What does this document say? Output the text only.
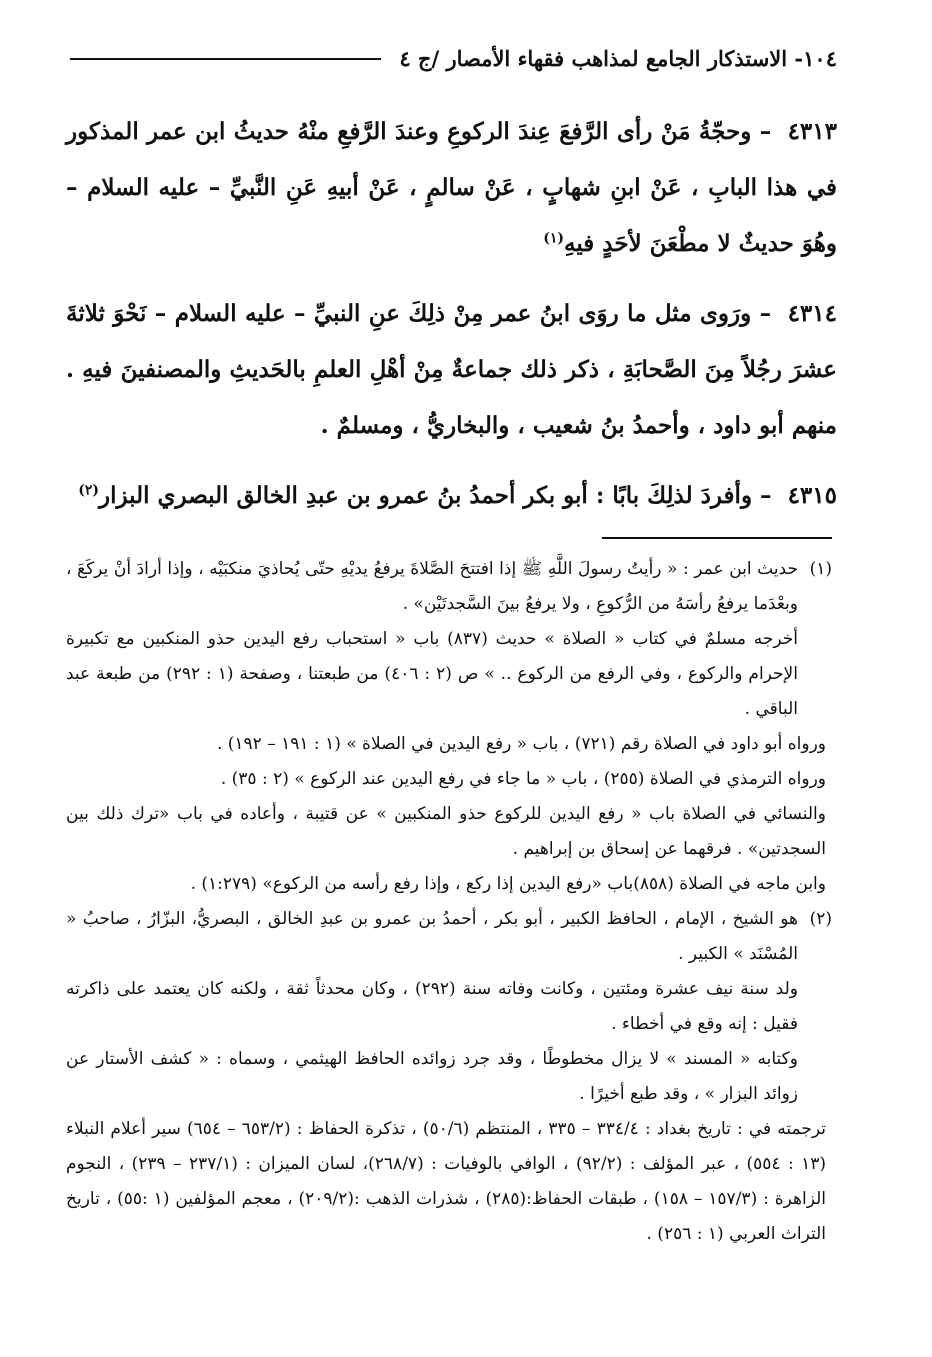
١٠٤- الاستذكار الجامع لمذاهب فقهاء الأمصار /ج ٤

٤٣١٣ – وحجّةُ مَنْ رأى الرَّفعَ عِندَ الركوعِ وعندَ الرَّفعِ منْهُ حديثُ ابن عمر المذكور في هذا البابِ ، عَنْ ابنِ شهابٍ ، عَنْ سالمٍ ، عَنْ أبيهِ عَنِ النَّبيِّ – عليه السلام – وهُوَ حديثٌ لا مطْعَنَ لأحَدٍ فيهِ$^{(١)}$

٤٣١٤ – ورَوى مثل ما روَى ابنُ عمر مِنْ ذلِكَ عنِ النبيِّ – عليه السلام – نَحْوَ ثلاثةَ عشرَ رجُلاً مِنَ الصَّحابَةِ ، ذكر ذلك جماعةٌ مِنْ أهْلِ العلمِ بالحَديثِ والمصنفينَ فيهِ . منهم أبو داود ، وأحمدُ بنُ شعيب ، والبخاريُّ ، ومسلمٌ .

٤٣١٥ – وأفردَ لذلِكَ بابًا : أبو بكر أحمدُ بنُ عمرو بن عبدِ الخالق البصري البزار$^{(٢)}$

(١)

حديث ابن عمر : « رأيتُ رسولَ اللَّهِ ﷺ إذا افتتحَ الصَّلاةَ يرفعُ يديْهِ حتّى يُحاذيَ منكبَيْه ، وإذا أرادَ أنْ يركَعَ ، وبعْدَما يرفعُ رأسَهُ من الرُّكوعِ ، ولا يرفعُ بينَ السَّجدتَيْن» .

أخرجه مسلمٌ في كتاب « الصلاة » حديث (٨٣٧) باب « استحباب رفع اليدين حذو المنكبين مع تكبيرة الإحرام والركوع ، وفي الرفع من الركوع .. » ص (٢ : ٤٠٦) من طبعتنا ، وصفحة (١ : ٢٩٢) من طبعة عبد الباقي .

ورواه أبو داود في الصلاة رقم (٧٢١) ، باب « رفع اليدين في الصلاة » (١ : ١٩١ – ١٩٢) .

ورواه الترمذي في الصلاة (٢٥٥) ، باب « ما جاء في رفع اليدين عند الركوع » (٢ : ٣٥) .

والنسائي في الصلاة باب « رفع اليدين للركوع حذو المنكبين » عن قتيبة ، وأعاده في باب «ترك ذلك بين السجدتين» . فرقهما عن إسحاق بن إبراهيم .

وابن ماجه في الصلاة (٨٥٨)باب «رفع اليدين إذا ركع ، وإذا رفع رأسه من الركوع» (١:٢٧٩) .

(٢)

هو الشيخ ، الإمام ، الحافظ الكبير ، أبو بكر ، أحمدُ بن عمرو بن عبدِ الخالق ، البصريُّ، البزّارُ ، صاحبُ « المُسْنَد » الكبير .

ولد سنة نيف عشرة ومئتين ، وكانت وفاته سنة (٢٩٢) ، وكان محدثاً ثقة ، ولكنه كان يعتمد على ذاكرته فقيل : إنه وقع في أخطاء .

وكتابه « المسند » لا يزال مخطوطًا ، وقد جرد زوائده الحافظ الهيثمي ، وسماه : « كشف الأستار عن زوائد البزار » ، وقد طبع أخيرًا .

ترجمته في : تاريخ بغداد : ٣٣٤/٤ – ٣٣٥ ، المنتظم (٥٠/٦) ، تذكرة الحفاظ : (٦٥٣/٢ – ٦٥٤) سير أعلام النبلاء (١٣ : ٥٥٤) ، عبر المؤلف : (٩٢/٢) ، الوافي بالوفيات : (٢٦٨/٧)، لسان الميزان : (٢٣٧/١ – ٢٣٩) ، النجوم الزاهرة : (١٥٧/٣ – ١٥٨) ، طبقات الحفاظ:(٢٨٥) ، شذرات الذهب :(٢٠٩/٢) ، معجم المؤلفين (١ :٥٥) ، تاريخ التراث العربي (١ : ٢٥٦) .
